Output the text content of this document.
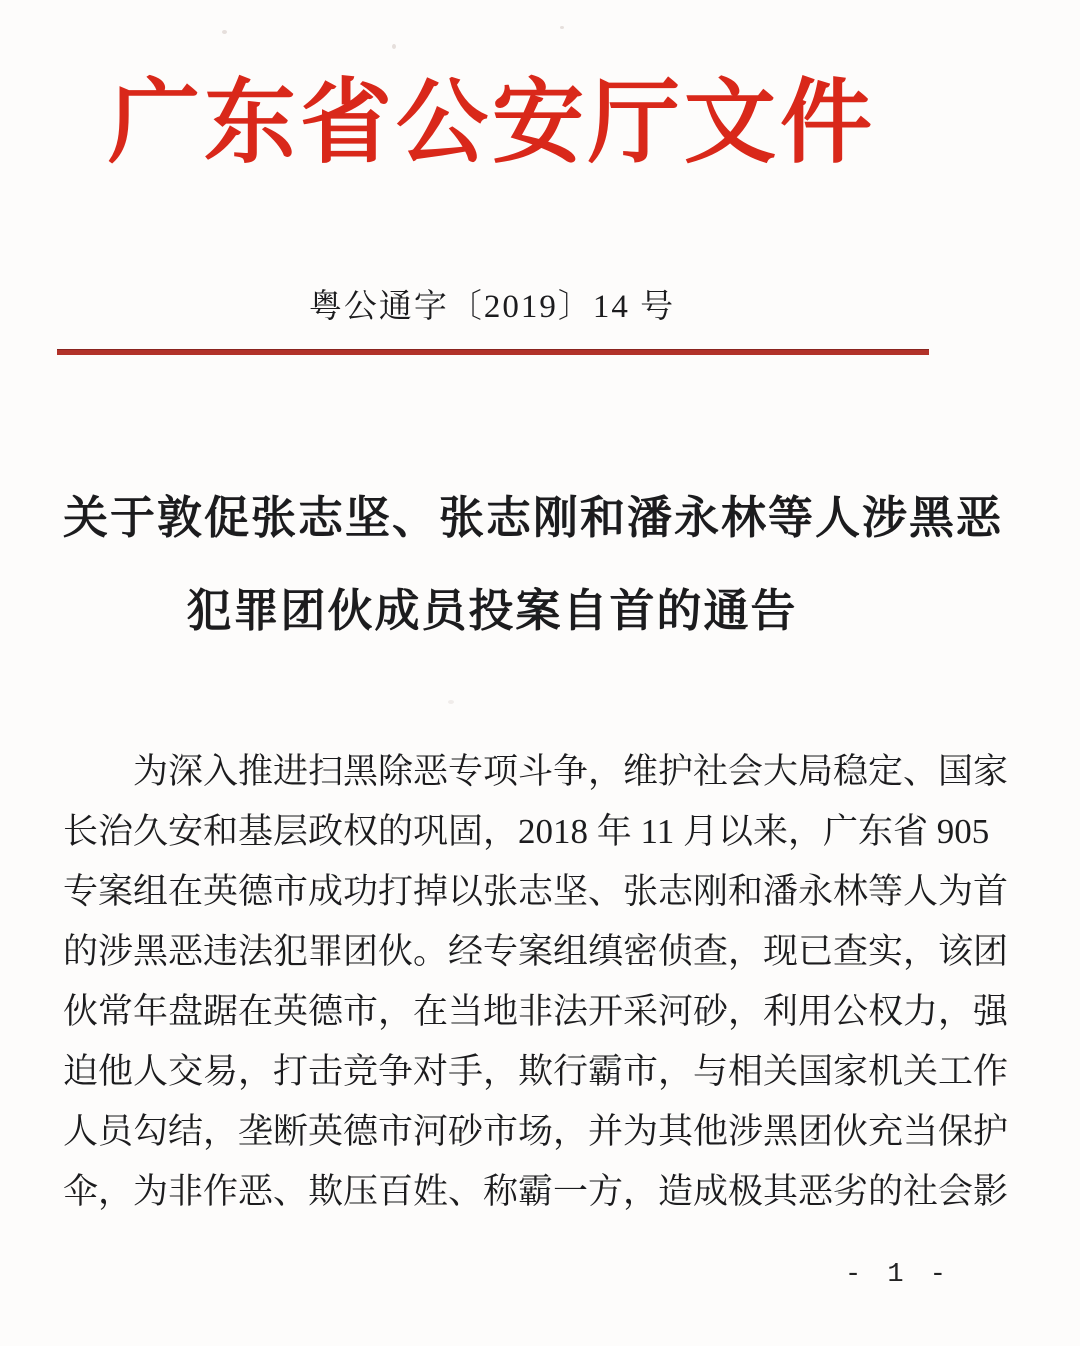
广东省公安厅文件
粤公通字〔2019〕14 号
关于敦促张志坚、张志刚和潘永林等人涉黑恶
犯罪团伙成员投案自首的通告
为深入推进扫黑除恶专项斗争，维护社会大局稳定、国家
长治久安和基层政权的巩固，2018 年 11 月以来，广东省 905
专案组在英德市成功打掉以张志坚、张志刚和潘永林等人为首
的涉黑恶违法犯罪团伙。经专案组缜密侦查，现已查实，该团
伙常年盘踞在英德市，在当地非法开采河砂，利用公权力，强
迫他人交易，打击竞争对手，欺行霸市，与相关国家机关工作
人员勾结，垄断英德市河砂市场，并为其他涉黑团伙充当保护
伞，为非作恶、欺压百姓、称霸一方，造成极其恶劣的社会影
- 1 -
